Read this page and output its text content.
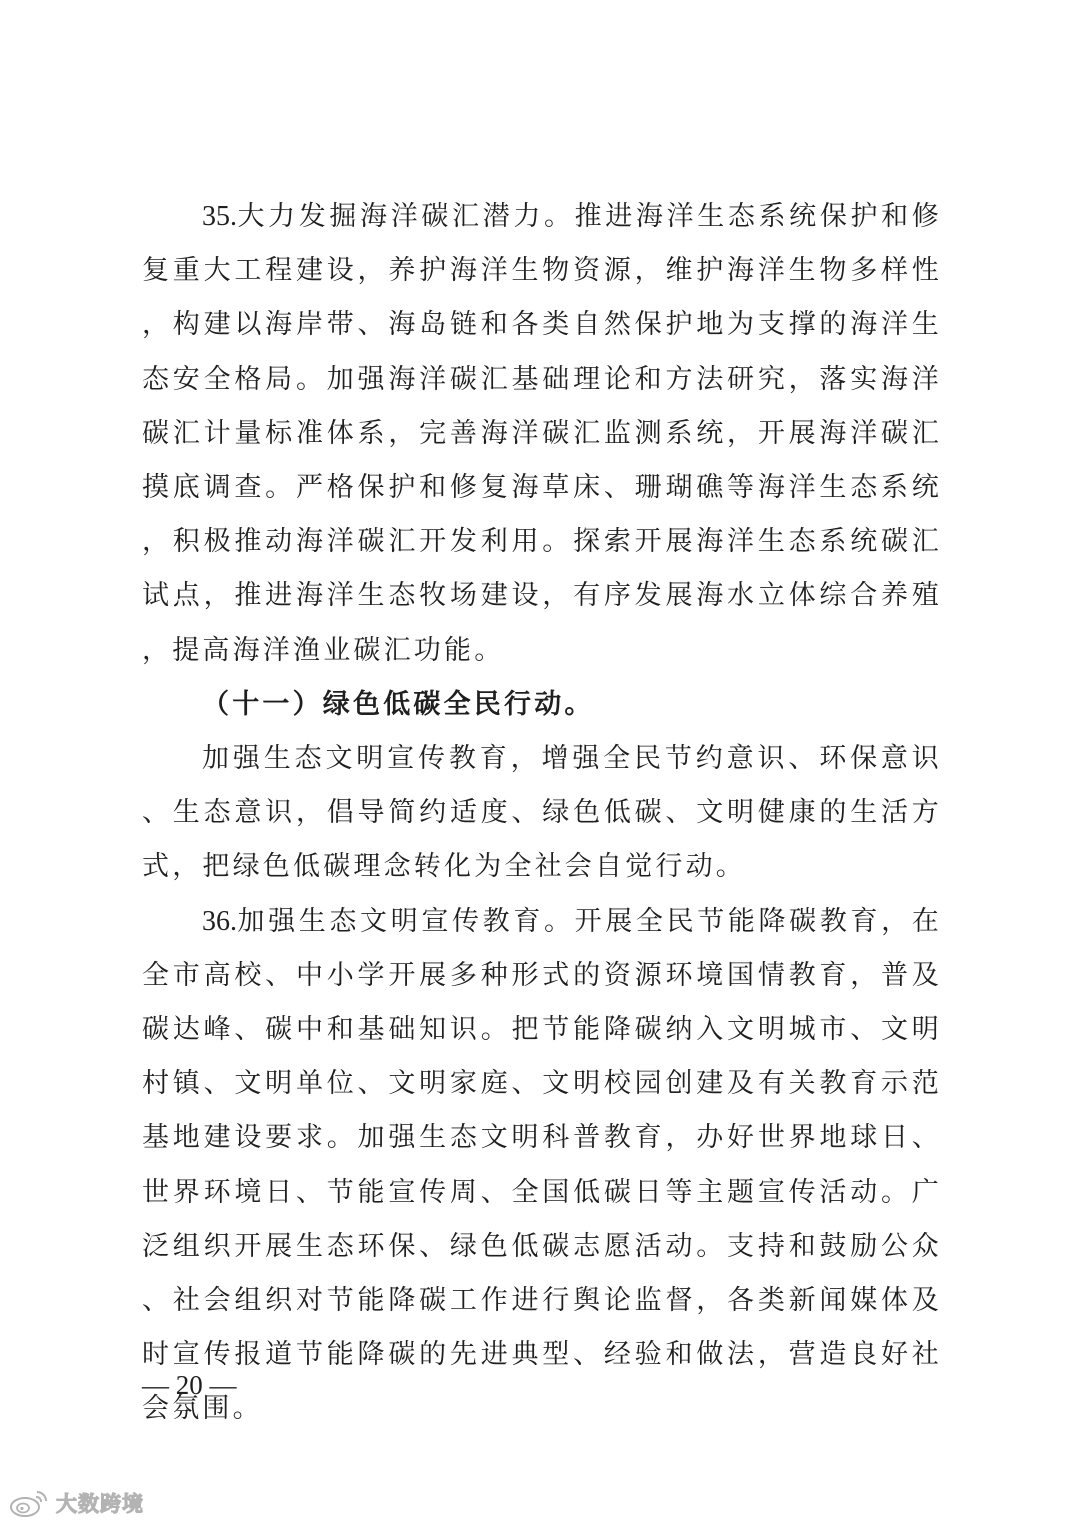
35.大力发掘海洋碳汇潜力。推进海洋生态系统保护和修复重大工程建设，养护海洋生物资源，维护海洋生物多样性，构建以海岸带、海岛链和各类自然保护地为支撑的海洋生态安全格局。加强海洋碳汇基础理论和方法研究，落实海洋碳汇计量标准体系，完善海洋碳汇监测系统，开展海洋碳汇摸底调查。严格保护和修复海草床、珊瑚礁等海洋生态系统，积极推动海洋碳汇开发利用。探索开展海洋生态系统碳汇试点，推进海洋生态牧场建设，有序发展海水立体综合养殖，提高海洋渔业碳汇功能。

（十一）绿色低碳全民行动。

加强生态文明宣传教育，增强全民节约意识、环保意识、生态意识，倡导简约适度、绿色低碳、文明健康的生活方式，把绿色低碳理念转化为全社会自觉行动。

36.加强生态文明宣传教育。开展全民节能降碳教育，在全市高校、中小学开展多种形式的资源环境国情教育，普及碳达峰、碳中和基础知识。把节能降碳纳入文明城市、文明村镇、文明单位、文明家庭、文明校园创建及有关教育示范基地建设要求。加强生态文明科普教育，办好世界地球日、世界环境日、节能宣传周、全国低碳日等主题宣传活动。广泛组织开展生态环保、绿色低碳志愿活动。支持和鼓励公众、社会组织对节能降碳工作进行舆论监督，各类新闻媒体及时宣传报道节能降碳的先进典型、经验和做法，营造良好社会氛围。

— 20 —
大数跨境
